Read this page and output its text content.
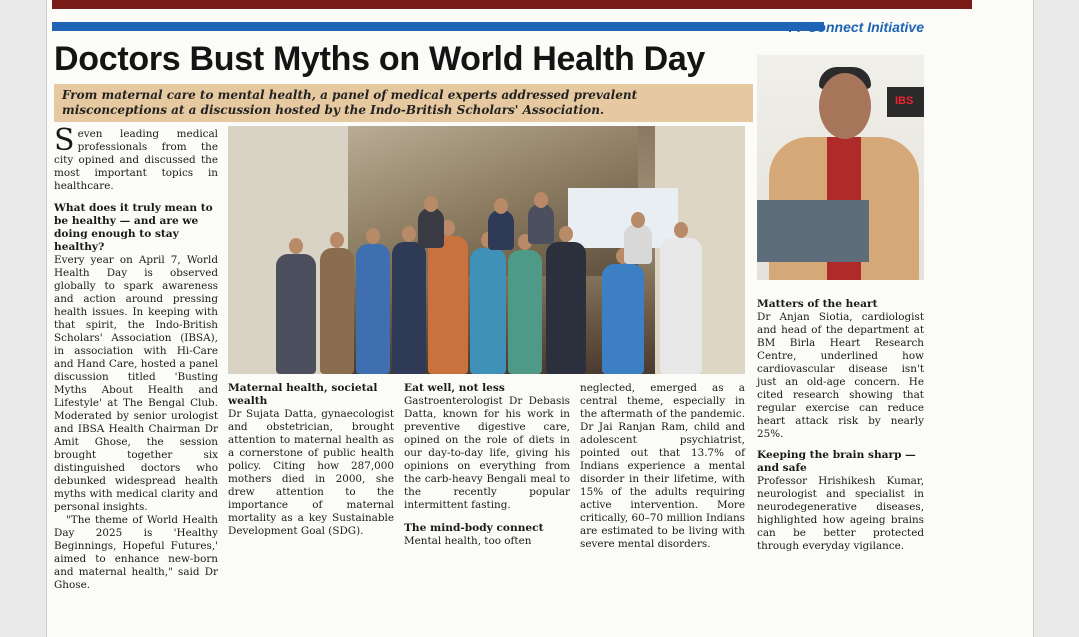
TT Connect Initiative
Doctors Bust Myths on World Health Day
From maternal care to mental health, a panel of medical experts addressed prevalent misconceptions at a discussion hosted by the Indo-British Scholars' Association.

Seven leading medical professionals from the city opined and discussed the most important topics in healthcare.

What does it truly mean to be healthy — and are we doing enough to stay healthy?

Every year on April 7, World Health Day is observed globally to spark awareness and action around pressing health issues. In keeping with that spirit, the Indo-British Scholars' Association (IBSA), in association with Hi-Care and Hand Care, hosted a panel discussion titled 'Busting Myths About Health and Lifestyle' at The Bengal Club. Moderated by senior urologist and IBSA Health Chairman Dr Amit Ghose, the session brought together six distinguished doctors who debunked widespread health myths with medical clarity and personal insights.

"The theme of World Health Day 2025 is 'Healthy Beginnings, Hopeful Futures,' aimed to enhance new-born and maternal health," said Dr Ghose.

Maternal health, societal wealth

Dr Sujata Datta, gynaecologist and obstetrician, brought attention to maternal health as a cornerstone of public health policy. Citing how 287,000 mothers died in 2000, she drew attention to the importance of maternal mortality as a key Sustainable Development Goal (SDG).

Eat well, not less

Gastroenterologist Dr Debasis Datta, known for his work in preventive digestive care, opined on the role of diets in our day-to-day life, giving his opinions on everything from the carb-heavy Bengali meal to the recently popular intermittent fasting.

The mind-body connect

Mental health, too often

neglected, emerged as a central theme, especially in the aftermath of the pandemic. Dr Jai Ranjan Ram, child and adolescent psychiatrist, pointed out that 13.7% of Indians experience a mental disorder in their lifetime, with 15% of the adults requiring active intervention. More critically, 60–70 million Indians are estimated to be living with severe mental disorders.

IBS

Matters of the heart

Dr Anjan Siotia, cardiologist and head of the department at BM Birla Heart Research Centre, underlined how cardiovascular disease isn't just an old-age concern. He cited research showing that regular exercise can reduce heart attack risk by nearly 25%.

Keeping the brain sharp — and safe

Professor Hrishikesh Kumar, neurologist and specialist in neurodegenerative diseases, highlighted how ageing brains can be better protected through everyday vigilance.
